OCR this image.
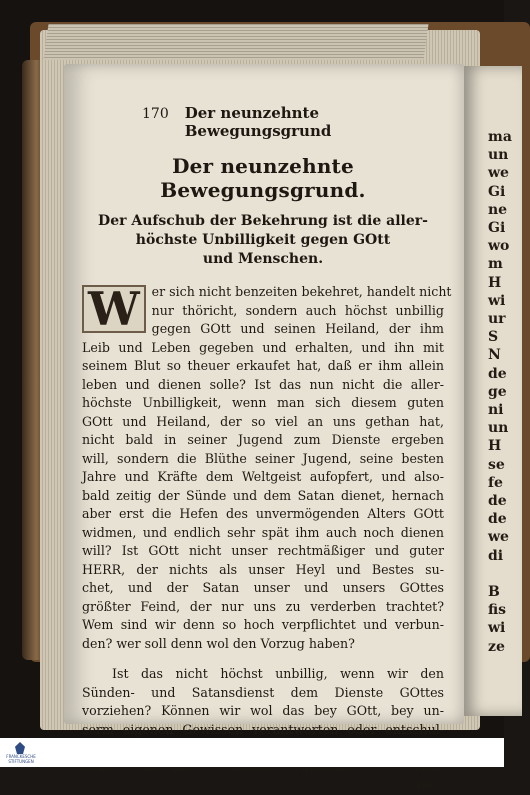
ma
un
we
Gi
ne
Gi
wo
m
H
wi
ur
S
N
de
ge
ni
un
H
se
fe
de
de
we
di

B
fis
wi
ze
170 Der neunzehnte Bewegungsgrund
Der neunzehnte Bewegungsgrund.
Der Aufschub der Bekehrung ist die aller-
höchste Unbilligkeit gegen GOtt
und Menschen.
W er sich nicht benzeiten bekehret, handelt nicht
nur thöricht, sondern auch höchst unbillig
gegen GOtt und seinen Heiland, der ihm
Leib und Leben gegeben und erhalten, und ihn mit
seinem Blut so theuer erkaufet hat, daß er ihm allein
leben und dienen solle? Ist das nun nicht die aller-
höchste Unbilligkeit, wenn man sich diesem guten
GOtt und Heiland, der so viel an uns gethan hat,
nicht bald in seiner Jugend zum Dienste ergeben
will, sondern die Blüthe seiner Jugend, seine besten
Jahre und Kräfte dem Weltgeist aufopfert, und also-
bald zeitig der Sünde und dem Satan dienet, hernach
aber erst die Hefen des unvermögenden Alters GOtt
widmen, und endlich sehr spät ihm auch noch dienen
will? Ist GOtt nicht unser rechtmäßiger und guter
HERR, der nichts als unser Heyl und Bestes su-
chet, und der Satan unser und unsers GOttes
größter Feind, der nur uns zu verderben trachtet?
Wem sind wir denn so hoch verpflichtet und verbun-
den? wer soll denn wol den Vorzug haben?
Ist das nicht höchst unbillig, wenn wir den
Sünden- und Satansdienst dem Dienste GOttes
vorziehen? Können wir wol das bey GOtt, bey un-
serm eigenen Gewissen verantworten oder entschul-
man
FRANCKESCHE STIFTUNGEN
